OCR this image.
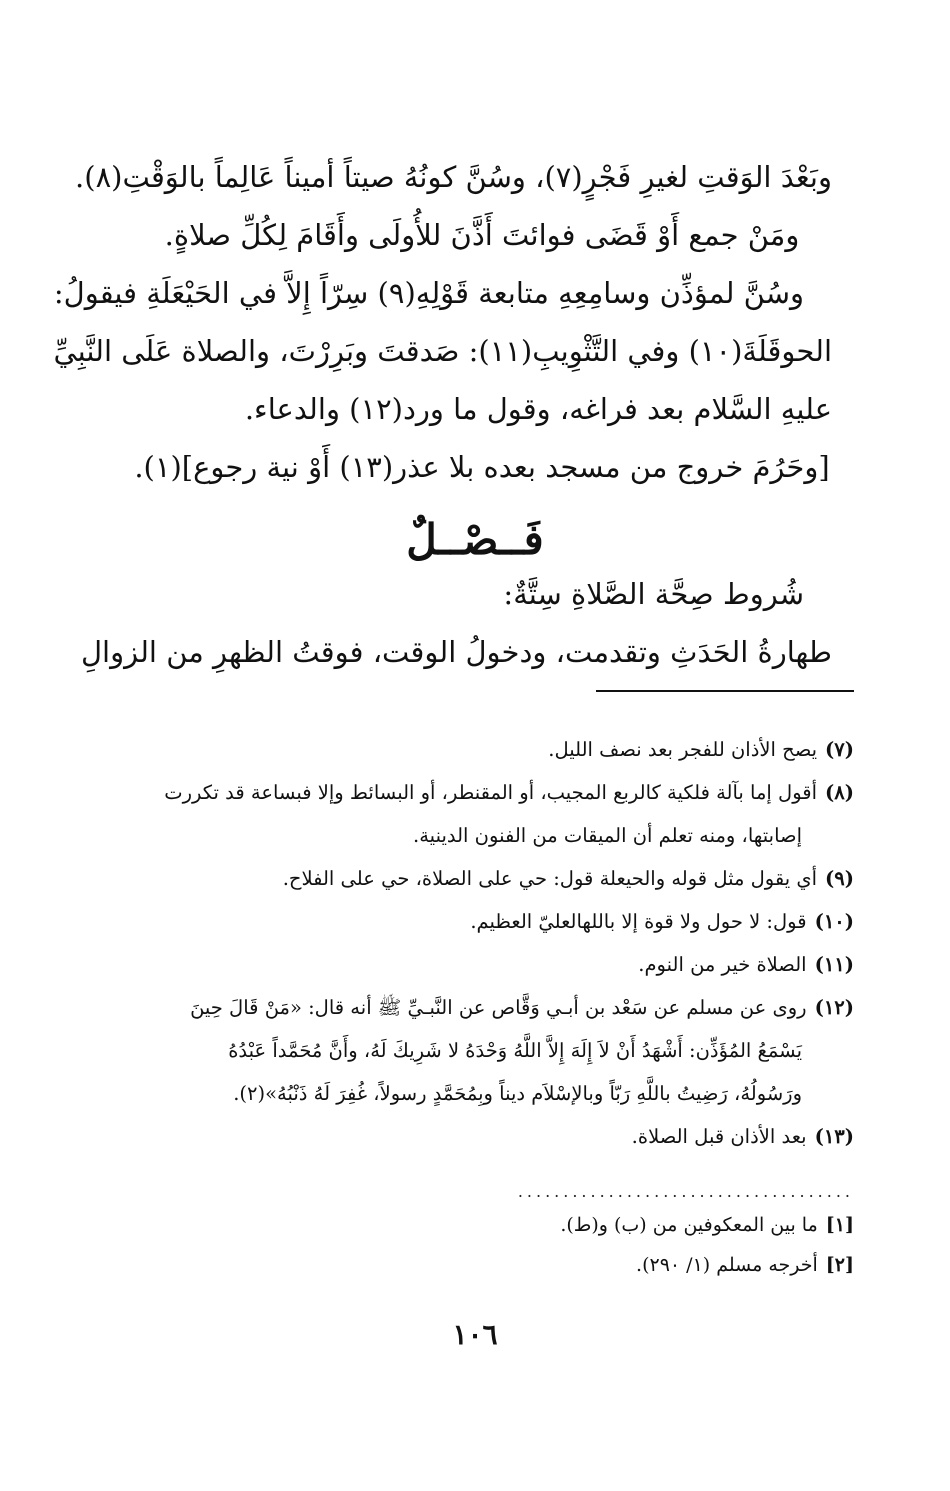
وبَعْدَ الوَقتِ لغيرِ فَجْرٍ(٧)، وسُنَّ كونُهُ صيتاً أميناً عَالِماً بالوَقْتِ(٨).
ومَنْ جمع أَوْ قَضَى فوائتَ أَذَّنَ للأُولَى وأَقَامَ لِكُلِّ صلاةٍ.
وسُنَّ لمؤذِّن وسامِعِهِ متابعة قَوْلِهِ(٩) سِرّاً إِلاَّ في الحَيْعَلَةِ فيقولُ:
الحوقَلَةَ(١٠) وفي التَّثْوِيبِ(١١): صَدقتَ وبَرِرْتَ، والصلاة عَلَى النَّبِيِّ
عليهِ السَّلام بعد فراغه، وقول ما ورد(١٢) والدعاء.
[وحَرُمَ خروج من مسجد بعده بلا عذر(١٣) أَوْ نية رجوع](١).
فَــصْــلٌ
شُروط صِحَّة الصَّلاةِ سِتَّةٌ:
طهارةُ الحَدَثِ وتقدمت، ودخولُ الوقت، فوقتُ الظهرِ من الزوالِ
(٧)يصح الأذان للفجر بعد نصف الليل.
(٨)أقول إما بآلة فلكية كالربع المجيب، أو المقنطر، أو البسائط وإلا فبساعة قد تكررت
إصابتها، ومنه تعلم أن الميقات من الفنون الدينية.
(٩)أي يقول مثل قوله والحيعلة قول: حي على الصلاة، حي على الفلاح.
(١٠)قول: لا حول ولا قوة إلا باللهالعليّ العظيم.
(١١)الصلاة خير من النوم.
(١٢)روى عن مسلم عن سَعْد بن أبـي وَقَّاص عن النَّبـيِّ ﷺ أنه قال: «مَنْ قَالَ حِينَ
يَسْمَعُ المُؤَذِّن: أَشْهَدُ أَنْ لاَ إِلَهَ إِلاَّ اللَّهُ وَحْدَهُ لا شَرِيكَ لَهُ، وأَنَّ مُحَمَّداً عَبْدُهُ
ورَسُولُهُ، رَضِيتُ باللَّهِ رَبّاً وبالإسْلاَم ديناً وبِمُحَمَّدٍ رسولاً، غُفِرَ لَهُ ذَنْبُهُ»(٢).
(١٣)بعد الأذان قبل الصلاة.
.....................................
[١]ما بين المعكوفين من (ب) و(ط).
[٢]أخرجه مسلم (١/ ٢٩٠).
١٠٦
